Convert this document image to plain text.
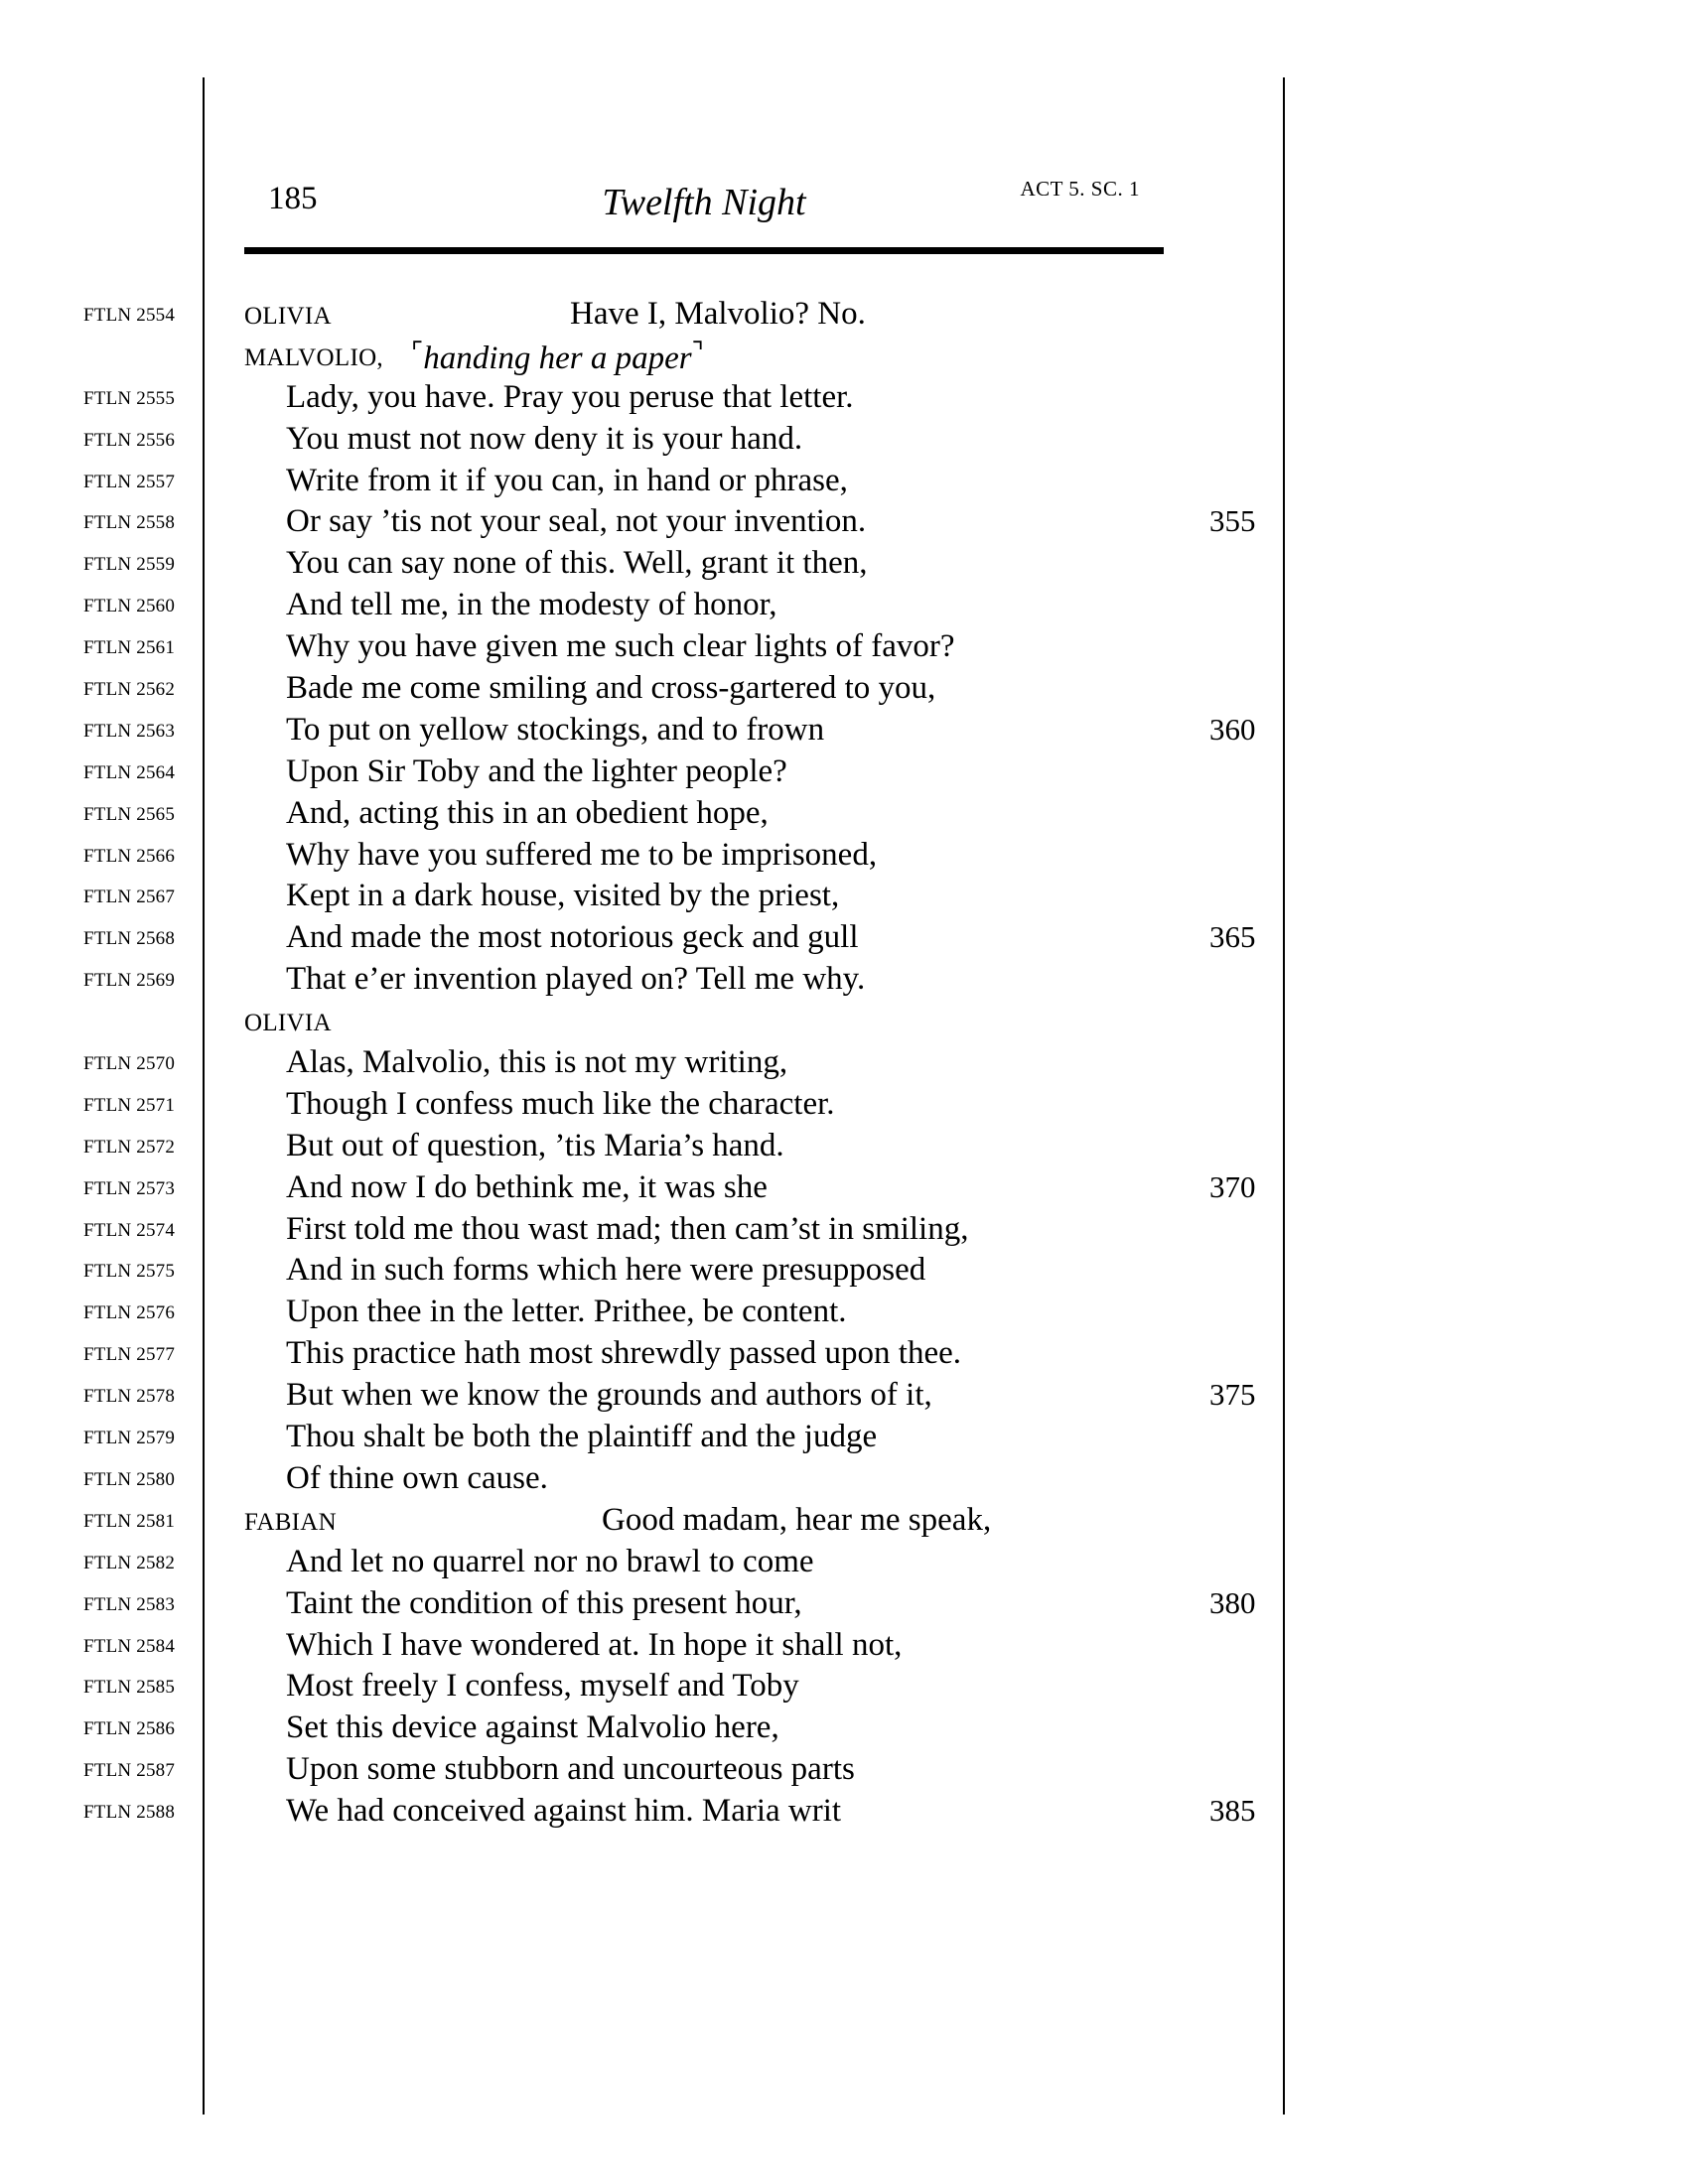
185	Twelfth Night	ACT 5. SC. 1
FTLN 2554	OLIVIA	Have I, Malvolio? No.
MALVOLIO, ⌜handing her a paper⌝
FTLN 2555	Lady, you have. Pray you peruse that letter.
FTLN 2556	You must not now deny it is your hand.
FTLN 2557	Write from it if you can, in hand or phrase,
FTLN 2558	Or say ’tis not your seal, not your invention.	355
FTLN 2559	You can say none of this. Well, grant it then,
FTLN 2560	And tell me, in the modesty of honor,
FTLN 2561	Why you have given me such clear lights of favor?
FTLN 2562	Bade me come smiling and cross-gartered to you,
FTLN 2563	To put on yellow stockings, and to frown	360
FTLN 2564	Upon Sir Toby and the lighter people?
FTLN 2565	And, acting this in an obedient hope,
FTLN 2566	Why have you suffered me to be imprisoned,
FTLN 2567	Kept in a dark house, visited by the priest,
FTLN 2568	And made the most notorious geck and gull	365
FTLN 2569	That e’er invention played on? Tell me why.
OLIVIA
FTLN 2570	Alas, Malvolio, this is not my writing,
FTLN 2571	Though I confess much like the character.
FTLN 2572	But out of question, ’tis Maria’s hand.
FTLN 2573	And now I do bethink me, it was she	370
FTLN 2574	First told me thou wast mad; then cam’st in smiling,
FTLN 2575	And in such forms which here were presupposed
FTLN 2576	Upon thee in the letter. Prithee, be content.
FTLN 2577	This practice hath most shrewdly passed upon thee.
FTLN 2578	But when we know the grounds and authors of it,	375
FTLN 2579	Thou shalt be both the plaintiff and the judge
FTLN 2580	Of thine own cause.
FTLN 2581	FABIAN	Good madam, hear me speak,
FTLN 2582	And let no quarrel nor no brawl to come
FTLN 2583	Taint the condition of this present hour,	380
FTLN 2584	Which I have wondered at. In hope it shall not,
FTLN 2585	Most freely I confess, myself and Toby
FTLN 2586	Set this device against Malvolio here,
FTLN 2587	Upon some stubborn and uncourteous parts
FTLN 2588	We had conceived against him. Maria writ	385
